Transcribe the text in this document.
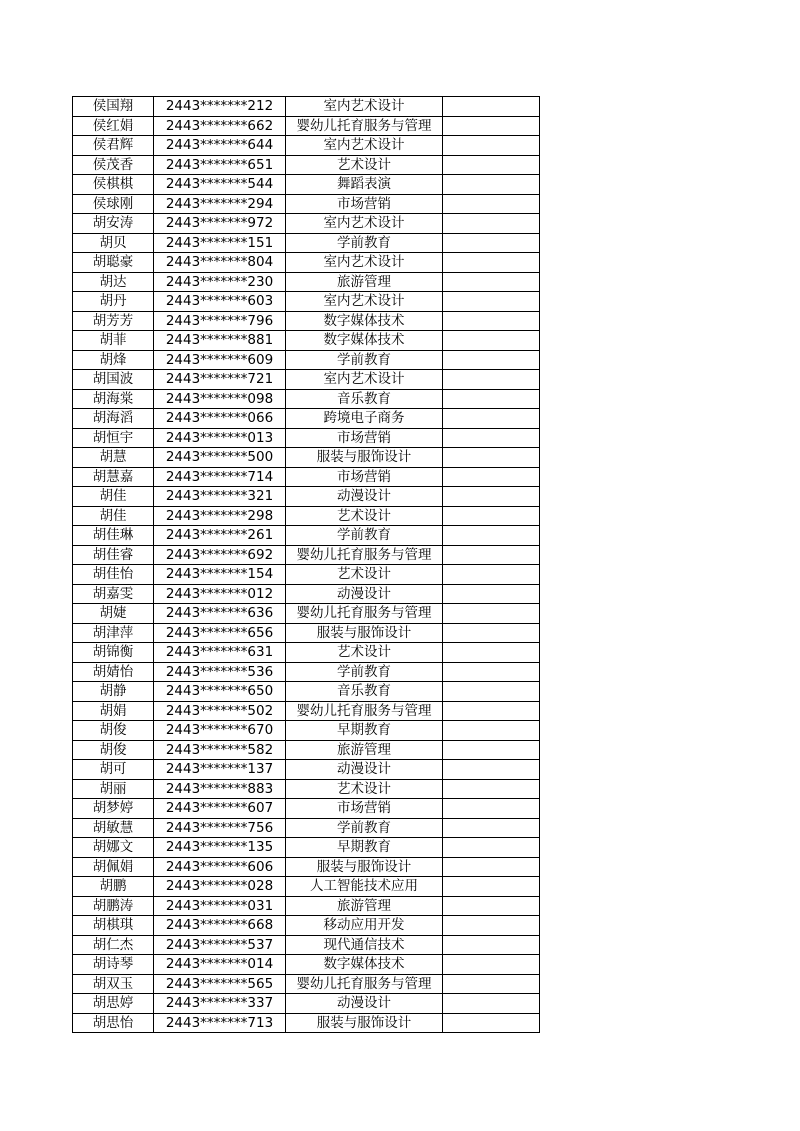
侯国翔	2443*******212	室内艺术设计	
侯红娟	2443*******662	婴幼儿托育服务与管理	
侯君辉	2443*******644	室内艺术设计	
侯茂香	2443*******651	艺术设计	
侯棋棋	2443*******544	舞蹈表演	
侯球刚	2443*******294	市场营销	
胡安涛	2443*******972	室内艺术设计	
胡贝	2443*******151	学前教育	
胡聪豪	2443*******804	室内艺术设计	
胡达	2443*******230	旅游管理	
胡丹	2443*******603	室内艺术设计	
胡芳芳	2443*******796	数字媒体技术	
胡菲	2443*******881	数字媒体技术	
胡烽	2443*******609	学前教育	
胡国波	2443*******721	室内艺术设计	
胡海棠	2443*******098	音乐教育	
胡海滔	2443*******066	跨境电子商务	
胡恒宇	2443*******013	市场营销	
胡慧	2443*******500	服装与服饰设计	
胡慧嘉	2443*******714	市场营销	
胡佳	2443*******321	动漫设计	
胡佳	2443*******298	艺术设计	
胡佳琳	2443*******261	学前教育	
胡佳睿	2443*******692	婴幼儿托育服务与管理	
胡佳怡	2443*******154	艺术设计	
胡嘉雯	2443*******012	动漫设计	
胡婕	2443*******636	婴幼儿托育服务与管理	
胡津萍	2443*******656	服装与服饰设计	
胡锦衡	2443*******631	艺术设计	
胡婧怡	2443*******536	学前教育	
胡静	2443*******650	音乐教育	
胡娟	2443*******502	婴幼儿托育服务与管理	
胡俊	2443*******670	早期教育	
胡俊	2443*******582	旅游管理	
胡可	2443*******137	动漫设计	
胡丽	2443*******883	艺术设计	
胡梦婷	2443*******607	市场营销	
胡敏慧	2443*******756	学前教育	
胡娜文	2443*******135	早期教育	
胡佩娟	2443*******606	服装与服饰设计	
胡鹏	2443*******028	人工智能技术应用	
胡鹏涛	2443*******031	旅游管理	
胡棋琪	2443*******668	移动应用开发	
胡仁杰	2443*******537	现代通信技术	
胡诗琴	2443*******014	数字媒体技术	
胡双玉	2443*******565	婴幼儿托育服务与管理	
胡思婷	2443*******337	动漫设计	
胡思怡	2443*******713	服装与服饰设计	
